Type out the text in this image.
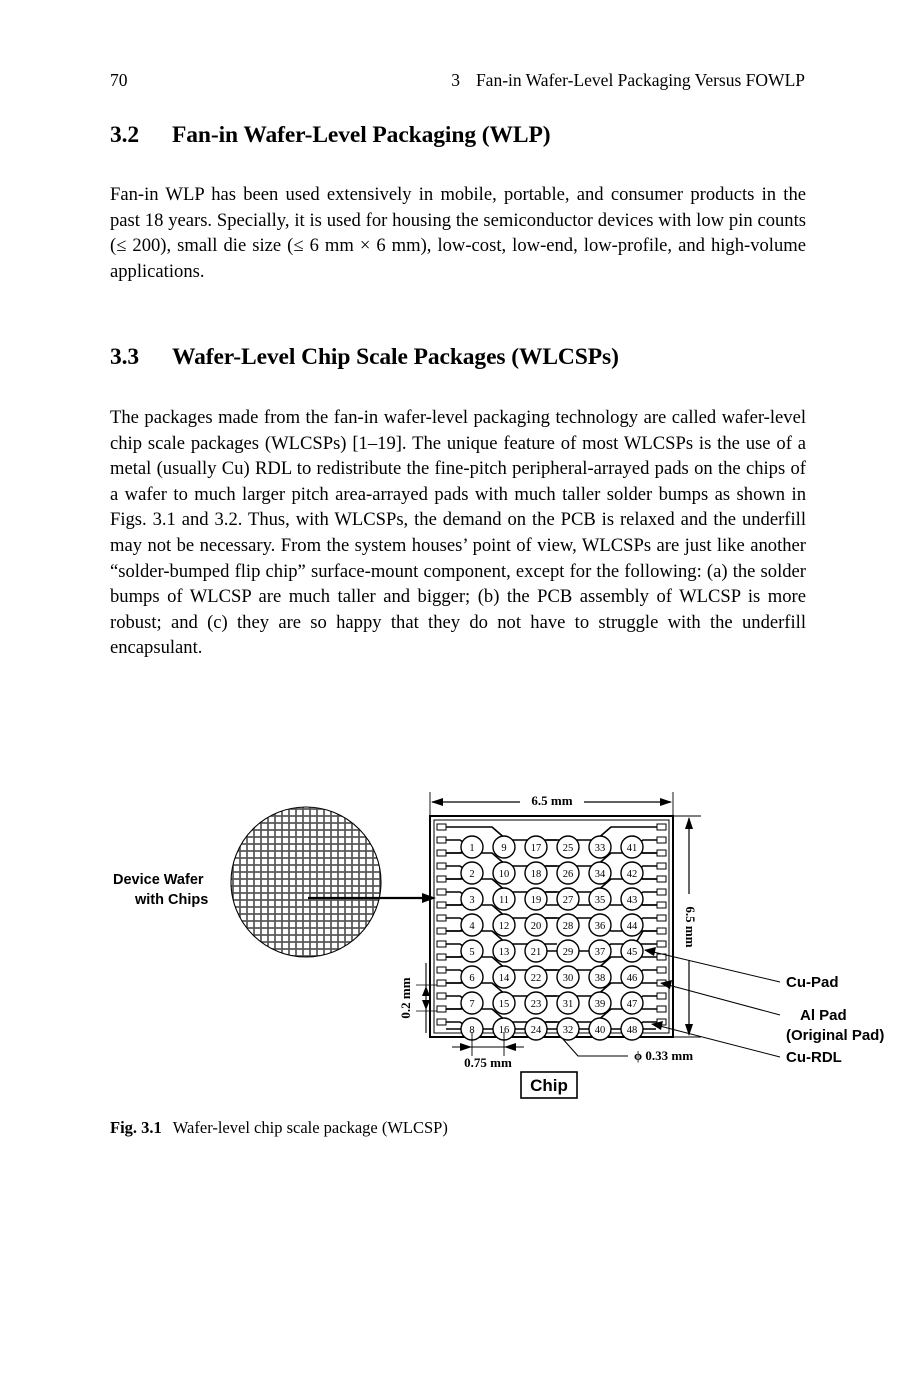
70	3 Fan-in Wafer-Level Packaging Versus FOWLP
3.2 Fan-in Wafer-Level Packaging (WLP)

Fan-in WLP has been used extensively in mobile, portable, and consumer products in the past 18 years. Specially, it is used for housing the semiconductor devices with low pin counts (≤ 200), small die size (≤ 6 mm × 6 mm), low-cost, low-end, low-profile, and high-volume applications.

3.3 Wafer-Level Chip Scale Packages (WLCSPs)

The packages made from the fan-in wafer-level packaging technology are called wafer-level chip scale packages (WLCSPs) [1–19]. The unique feature of most WLCSPs is the use of a metal (usually Cu) RDL to redistribute the fine-pitch peripheral-arrayed pads on the chips of a wafer to much larger pitch area-arrayed pads with much taller solder bumps as shown in Figs. 3.1 and 3.2. Thus, with WLCSPs, the demand on the PCB is relaxed and the underfill may not be necessary. From the system houses’ point of view, WLCSPs are just like another “solder-bumped flip chip” surface-mount component, except for the following: (a) the solder bumps of WLCSP are much taller and bigger; (b) the PCB assembly of WLCSP is more robust; and (c) they are so happy that they do not have to struggle with the underfill encapsulant.

Device Wafer
with Chips
6.5 mm
6.5 mm
0.2 mm
1	9 17 25 33 41
2 10 18 26 34 42
3 11 19 27 35 43
4 12 20 28 36 44
5 13 21 29 37 45
6 14 22 30 38 46
7 15 23 31 39 47
8 16 24 32 40 48
0.75 mm	ϕ 0.33 mm
Chip
Cu-Pad
Al Pad
(Original Pad)
Cu-RDL
Fig. 3.1 Wafer-level chip scale package (WLCSP)
